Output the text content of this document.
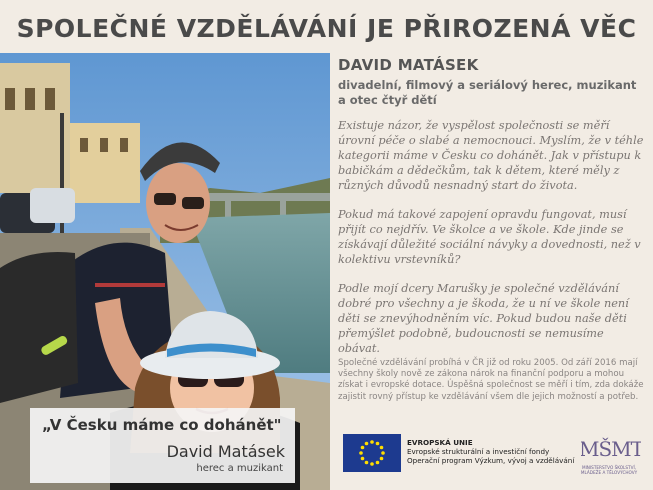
SPOLEČNÉ VZDĚLÁVÁNÍ JE PŘIROZENÁ VĚC
„V Česku máme co dohánět"
David Matásek
herec a muzikant
DAVID MATÁSEK
divadelní, filmový a seriálový herec, muzikant
a otec čtyř dětí
Existuje názor, že vyspělost společnosti se měří úrovní péče o slabé a nemocnouci. Myslím, že v téhle kategorii máme v Česku co dohánět. Jak v přístupu k babičkám a dědečkům, tak k dětem, které měly z různých důvodů nesnadný start do života.
Pokud má takové zapojení opravdu fungovat, musí přijít co nejdřív. Ve školce a ve škole. Kde jinde se získávají důležité sociální návyky a dovednosti, než v kolektivu vrstevníků?
Podle mojí dcery Marušky je společné vzdělávání dobré pro všechny a je škoda, že u ní ve škole není děti se znevýhodněním víc. Pokud budou naše děti přemýšlet podobně, budoucnosti se nemusíme obávat.
Společné vzdělávání probíhá v ČR již od roku 2005. Od září 2016 mají všechny školy nově ze zákona nárok na finanční podporu a mohou získat i evropské dotace. Úspěšná společnost se měří i tím, zda dokáže zajistit rovný přístup ke vzdělávání všem dle jejich možností a potřeb.
EVROPSKÁ UNIE
Evropské strukturální a investiční fondy
Operační program Výzkum, vývoj a vzdělávání MŠMT
MINISTERSTVO ŠKOLSTVÍ,
MLÁDEŽE A TĚLOVÝCHOVY
